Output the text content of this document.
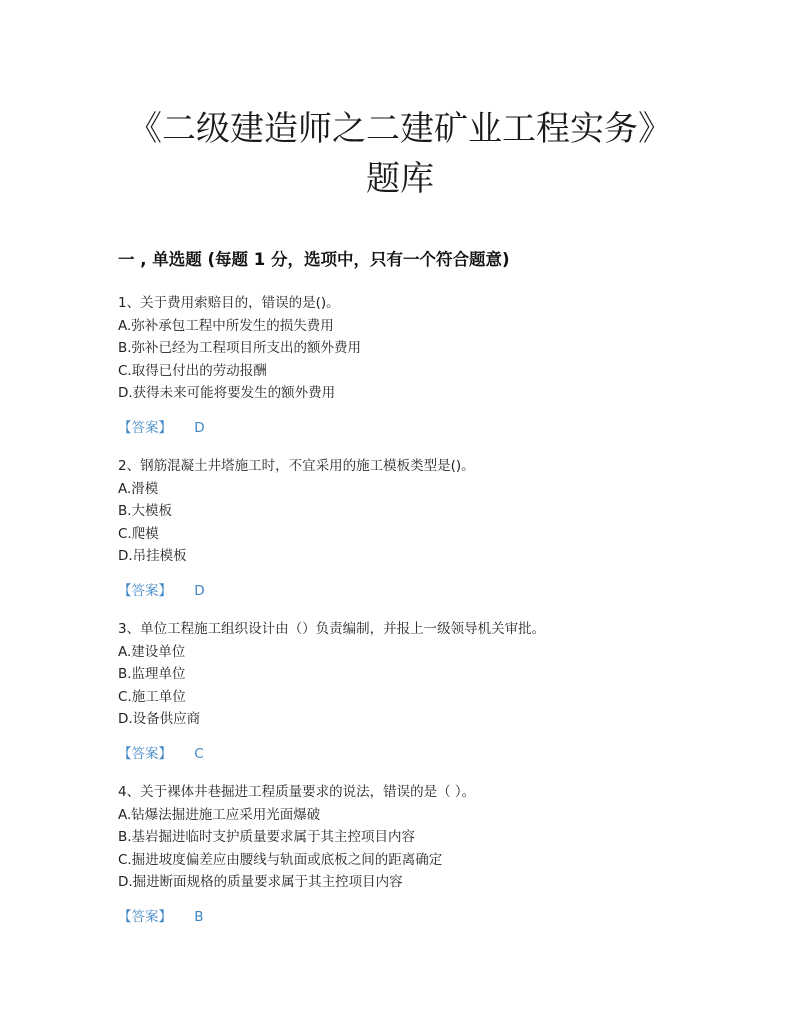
《二级建造师之二建矿业工程实务》
题库
一 , 单选题 (每题 1 分，选项中，只有一个符合题意)
1、关于费用索赔目的，错误的是()。
A.弥补承包工程中所发生的损失费用
B.弥补已经为工程项目所支出的额外费用
C.取得已付出的劳动报酬
D.获得未来可能将要发生的额外费用
【答案】 D
2、钢筋混凝土井塔施工时，不宜采用的施工模板类型是()。
A.滑模
B.大模板
C.爬模
D.吊挂模板
【答案】 D
3、单位工程施工组织设计由（）负责编制，并报上一级领导机关审批。
A.建设单位
B.监理单位
C.施工单位
D.设备供应商
【答案】 C
4、关于裸体井巷掘进工程质量要求的说法，错误的是（ ）。
A.钻爆法掘进施工应采用光面爆破
B.基岩掘进临时支护质量要求属于其主控项目内容
C.掘进坡度偏差应由腰线与轨面或底板之间的距离确定
D.掘进断面规格的质量要求属于其主控项目内容
【答案】 B
